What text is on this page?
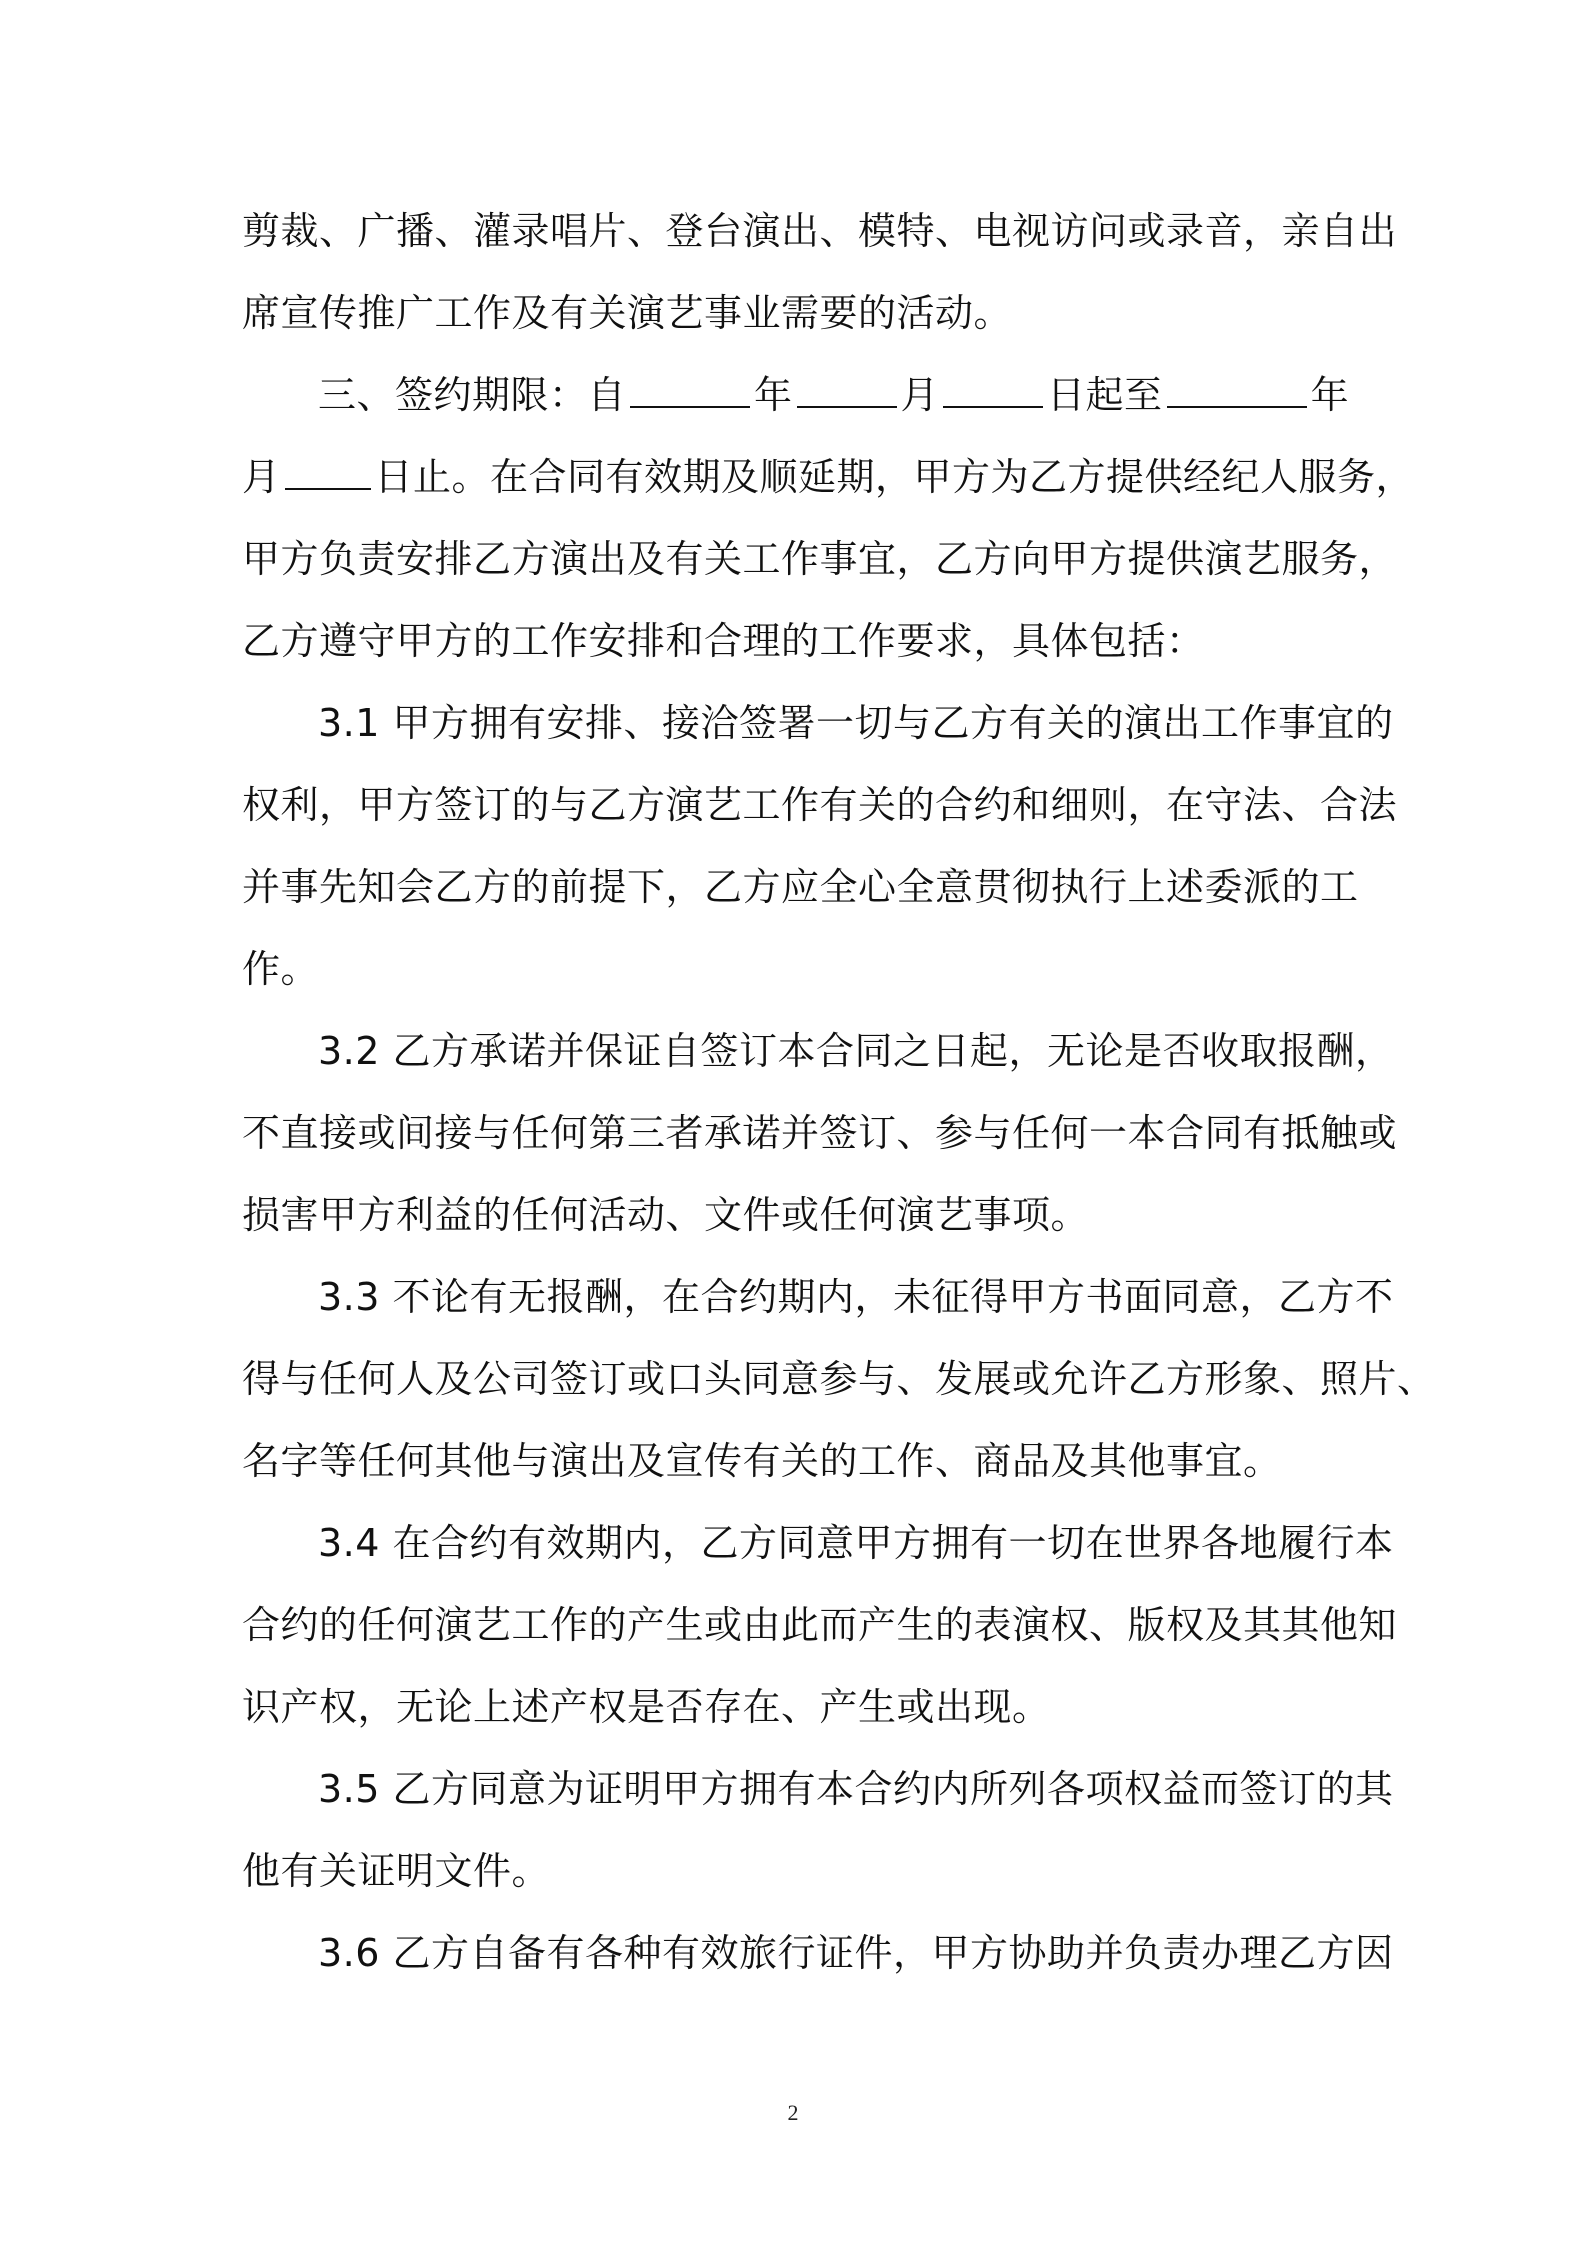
剪裁、广播、灌录唱片、登台演出、模特、电视访问或录音，亲自出
席宣传推广工作及有关演艺事业需要的活动。
三、签约期限：自	年	月	日起至	年
月 日止。在合同有效期及顺延期，甲方为乙方提供经纪人服务，
甲方负责安排乙方演出及有关工作事宜，乙方向甲方提供演艺服务，
乙方遵守甲方的工作安排和合理的工作要求，具体包括：
3.1 甲方拥有安排、接洽签署一切与乙方有关的演出工作事宜的
权利，甲方签订的与乙方演艺工作有关的合约和细则，在守法、合法
并事先知会乙方的前提下，乙方应全心全意贯彻执行上述委派的工
作。
3.2 乙方承诺并保证自签订本合同之日起，无论是否收取报酬，
不直接或间接与任何第三者承诺并签订、参与任何一本合同有抵触或
损害甲方利益的任何活动、文件或任何演艺事项。
3.3 不论有无报酬，在合约期内，未征得甲方书面同意，乙方不
得与任何人及公司签订或口头同意参与、发展或允许乙方形象、照片、
名字等任何其他与演出及宣传有关的工作、商品及其他事宜。
3.4 在合约有效期内，乙方同意甲方拥有一切在世界各地履行本
合约的任何演艺工作的产生或由此而产生的表演权、版权及其其他知
识产权，无论上述产权是否存在、产生或出现。
3.5 乙方同意为证明甲方拥有本合约内所列各项权益而签订的其
他有关证明文件。
3.6 乙方自备有各种有效旅行证件，甲方协助并负责办理乙方因
2
